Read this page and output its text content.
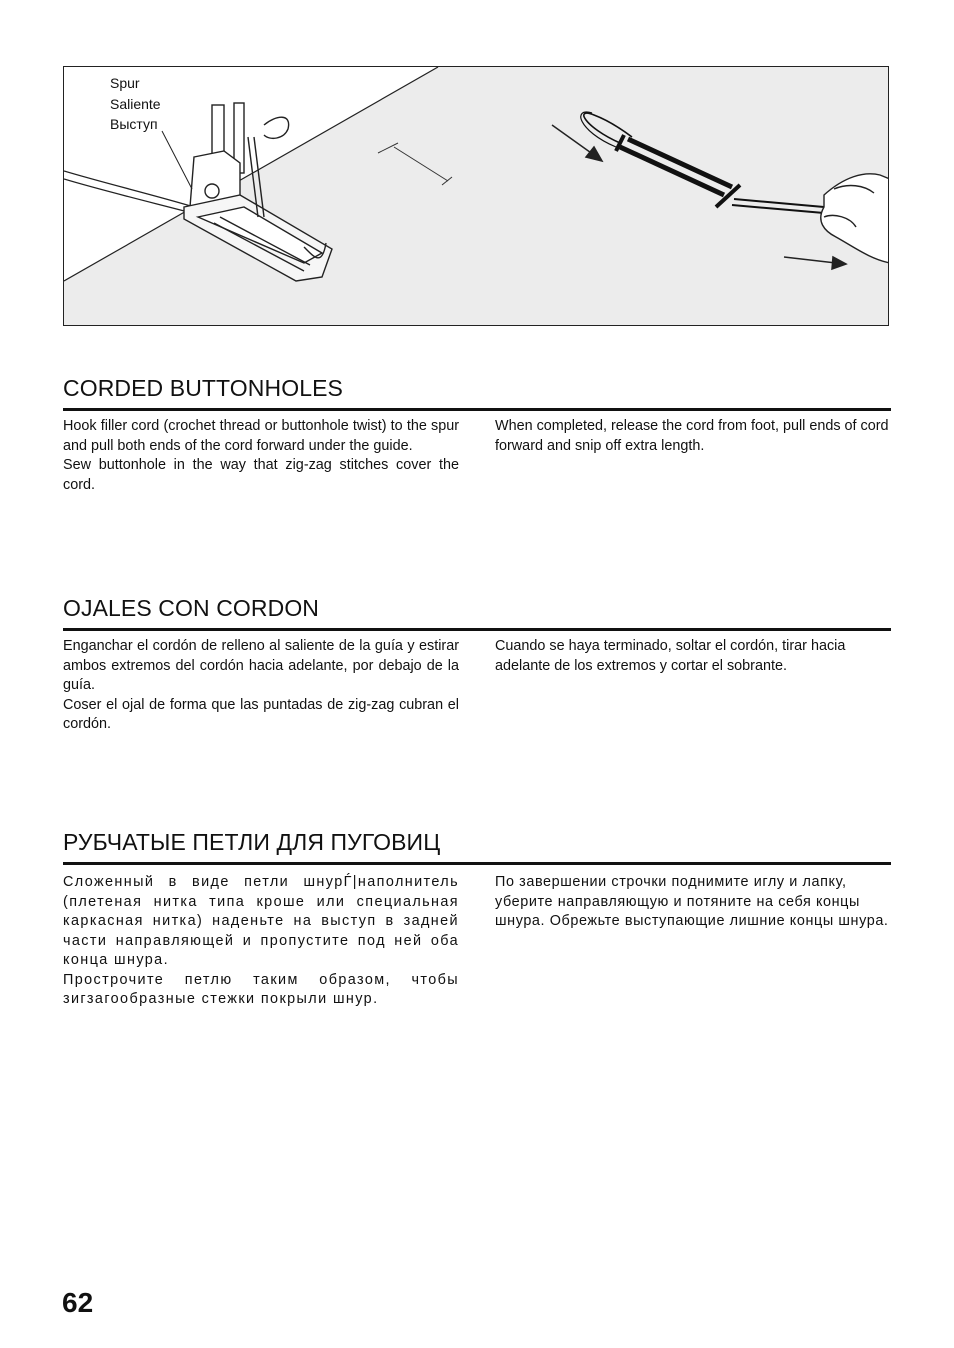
Spur
Saliente
Выступ
CORDED BUTTONHOLES

Hook filler cord (crochet thread or buttonhole twist) to the spur and pull both ends of the cord forward under the guide.

Sew buttonhole in the way that zig-zag stitches cover the cord.

When completed, release the cord from foot, pull ends of cord forward and snip off extra length.

OJALES CON CORDON

Enganchar el cordón de relleno al saliente de la guía y estirar ambos extremos del cordón hacia adelante, por debajo de la guía.

Coser el ojal de forma que las puntadas de zig-zag cubran el cordón.

Cuando se haya terminado, soltar el cordón, tirar hacia adelante de los extremos y cortar el sobrante.

РУБЧАТЫЕ ПЕТЛИ ДЛЯ ПУГОВИЦ

Сложенный в виде петли шнурЃ|наполнитель (плетеная нитка типа крошe или специальная каркасная нитка) наденьте на выступ в задней части направляющей и пропустите под ней оба конца шнура.

Прострочите петлю таким образом, чтобы зигзагообразные стежки покрыли шнур.

По завершении строчки поднимите иглу и лапку, уберите направляющую и потяните на себя концы шнура. Обрежьте выступающие лишние концы шнура.

62
